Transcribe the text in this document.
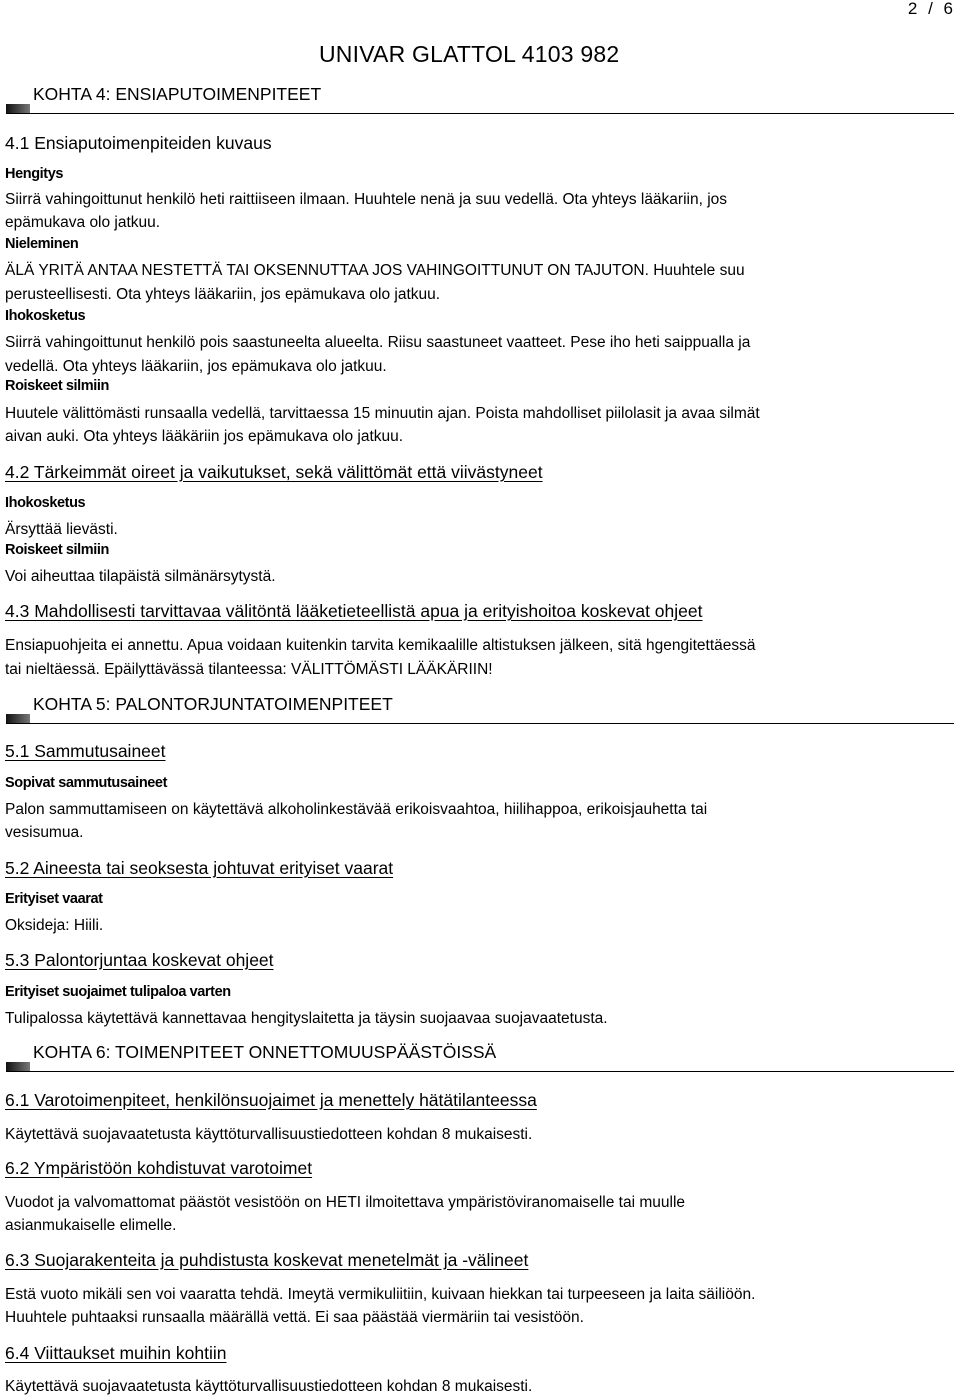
2 / 6
UNIVAR GLATTOL 4103 982
KOHTA 4: ENSIAPUTOIMENPITEET
4.1 Ensiaputoimenpiteiden kuvaus
Hengitys
Siirrä vahingoittunut henkilö heti raittiiseen ilmaan. Huuhtele nenä ja suu vedellä. Ota yhteys lääkariin, jos
epämukava olo jatkuu.
Nieleminen
ÄLÄ YRITÄ ANTAA NESTETTÄ TAI OKSENNUTTAA JOS VAHINGOITTUNUT ON TAJUTON. Huuhtele suu
perusteellisesti. Ota yhteys lääkariin, jos epämukava olo jatkuu.
Ihokosketus
Siirrä vahingoittunut henkilö pois saastuneelta alueelta. Riisu saastuneet vaatteet. Pese iho heti saippualla ja
vedellä. Ota yhteys lääkariin, jos epämukava olo jatkuu.
Roiskeet silmiin
Huutele välittömästi runsaalla vedellä, tarvittaessa 15 minuutin ajan. Poista mahdolliset piilolasit ja avaa silmät
aivan auki. Ota yhteys lääkäriin jos epämukava olo jatkuu.
4.2 Tärkeimmät oireet ja vaikutukset, sekä välittömät että viivästyneet
Ihokosketus
Ärsyttää lievästi.
Roiskeet silmiin
Voi aiheuttaa tilapäistä silmänärsytystä.
4.3 Mahdollisesti tarvittavaa välitöntä lääketieteellistä apua ja erityishoitoa koskevat ohjeet
Ensiapuohjeita ei annettu. Apua voidaan kuitenkin tarvita kemikaalille altistuksen jälkeen, sitä hgengitettäessä
tai nieltäessä. Epäilyttävässä tilanteessa: VÄLITTÖMÄSTI LÄÄKÄRIIN!
KOHTA 5: PALONTORJUNTATOIMENPITEET
5.1 Sammutusaineet
Sopivat sammutusaineet
Palon sammuttamiseen on käytettävä alkoholinkestävää erikoisvaahtoa, hiilihappoa, erikoisjauhetta tai
vesisumua.
5.2 Aineesta tai seoksesta johtuvat erityiset vaarat
Erityiset vaarat
Oksideja: Hiili.
5.3 Palontorjuntaa koskevat ohjeet
Erityiset suojaimet tulipaloa varten
Tulipalossa käytettävä kannettavaa hengityslaitetta ja täysin suojaavaa suojavaatetusta.
KOHTA 6: TOIMENPITEET ONNETTOMUUSPÄÄSTÖISSÄ
6.1 Varotoimenpiteet, henkilönsuojaimet ja menettely hätätilanteessa
Käytettävä suojavaatetusta käyttöturvallisuustiedotteen kohdan 8 mukaisesti.
6.2 Ympäristöön kohdistuvat varotoimet
Vuodot ja valvomattomat päästöt vesistöön on HETI ilmoitettava ympäristöviranomaiselle tai muulle
asianmukaiselle elimelle.
6.3 Suojarakenteita ja puhdistusta koskevat menetelmät ja -välineet
Estä vuoto mikäli sen voi vaaratta tehdä. Imeytä vermikuliitiin, kuivaan hiekkan tai turpeeseen ja laita säiliöön.
Huuhtele puhtaaksi runsaalla määrällä vettä. Ei saa päästää viermäriin tai vesistöön.
6.4 Viittaukset muihin kohtiin
Käytettävä suojavaatetusta käyttöturvallisuustiedotteen kohdan 8 mukaisesti.
